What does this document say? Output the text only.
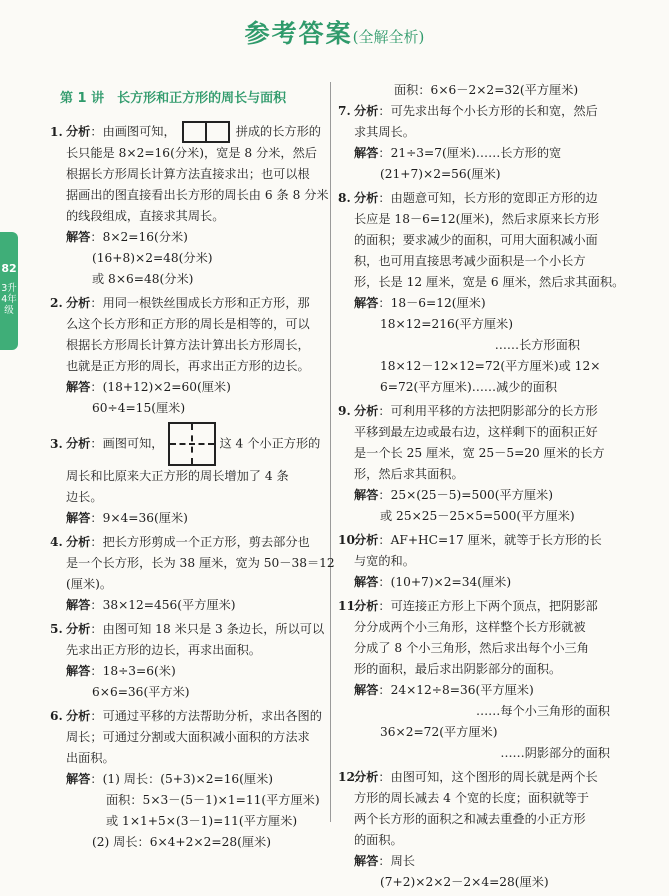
参考答案(全解全析)
82
3升4年级
第 1 讲　长方形和正方形的周长与面积
1. 分析：由画图可知，	拼成的长方形的
长只能是 8×2=16(分米)，宽是 8 分米，然后
根据长方形周长计算方法直接求出；也可以根
据画出的图直接看出长方形的周长由 6 条 8 分米
的线段组成，直接求其周长。
解答：8×2=16(分米)
(16+8)×2=48(分米)
或 8×6=48(分米)
2. 分析：用同一根铁丝围成长方形和正方形，那
么这个长方形和正方形的周长是相等的，可以
根据长方形周长计算方法计算出长方形周长，
也就是正方形的周长，再求出正方形的边长。
解答：(18+12)×2=60(厘米)
60÷4=15(厘米)
3. 分析：画图可知，	这 4 个小正方形的
周长和比原来大正方形的周长增加了 4 条
边长。
解答：9×4=36(厘米)
4. 分析：把长方形剪成一个正方形，剪去部分也
是一个长方形，长为 38 厘米，宽为 50－38＝12
(厘米)。
解答：38×12=456(平方厘米)
5. 分析：由图可知 18 米只是 3 条边长，所以可以
先求出正方形的边长，再求出面积。
解答：18÷3=6(米)
6×6=36(平方米)
6. 分析：可通过平移的方法帮助分析，求出各图的
周长；可通过分割或大面积减小面积的方法求
出面积。
解答：(1) 周长：(5+3)×2=16(厘米)
面积：5×3－(5－1)×1=11(平方厘米)
或 1×1+5×(3－1)=11(平方厘米)
(2) 周长：6×4+2×2=28(厘米)
面积：6×6－2×2=32(平方厘米)
7. 分析：可先求出每个小长方形的长和宽，然后
求其周长。
解答：21÷3=7(厘米)……长方形的宽
(21+7)×2=56(厘米)
8. 分析：由题意可知，长方形的宽即正方形的边
长应是 18－6=12(厘米)，然后求原来长方形
的面积；要求减少的面积，可用大面积减小面
积，也可用直接思考减少面积是一个小长方
形，长是 12 厘米，宽是 6 厘米，然后求其面积。
解答：18－6=12(厘米)
18×12=216(平方厘米)
……长方形面积
18×12－12×12=72(平方厘米)或 12×
6=72(平方厘米)……减少的面积
9. 分析：可利用平移的方法把阴影部分的长方形
平移到最左边或最右边，这样剩下的面积正好
是一个长 25 厘米，宽 25－5=20 厘米的长方
形，然后求其面积。
解答：25×(25－5)=500(平方厘米)
或 25×25－25×5=500(平方厘米)
10.分析：AF+HC=17 厘米，就等于长方形的长
与宽的和。
解答：(10+7)×2=34(厘米)
11.分析：可连接正方形上下两个顶点，把阴影部
分分成两个小三角形，这样整个长方形就被
分成了 8 个小三角形，然后求出每个小三角
形的面积，最后求出阴影部分的面积。
解答：24×12÷8=36(平方厘米)
……每个小三角形的面积
36×2=72(平方厘米)
……阴影部分的面积
12.分析：由图可知，这个图形的周长就是两个长
方形的周长减去 4 个宽的长度；面积就等于
两个长方形的面积之和减去重叠的小正方形
的面积。
解答：周长
(7+2)×2×2－2×4=28(厘米)
